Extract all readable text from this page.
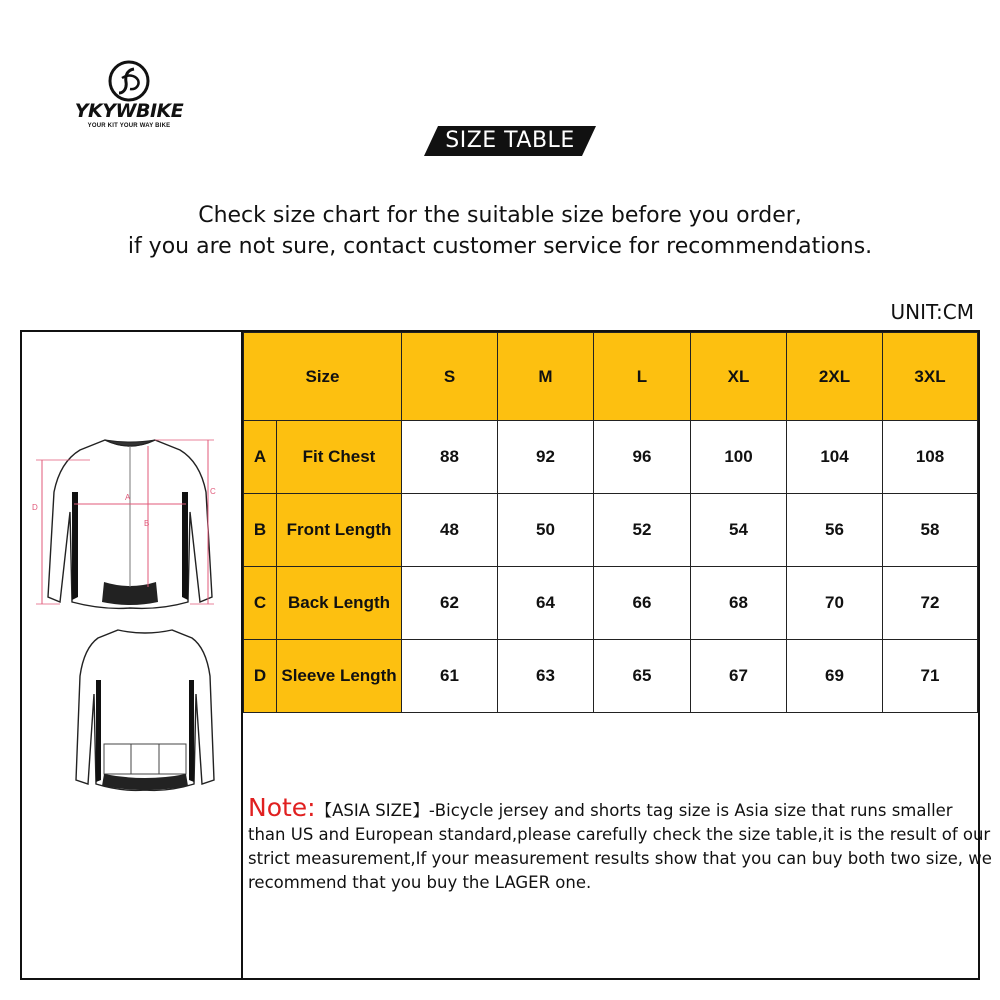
YKYWBIKE
YOUR KIT YOUR WAY BIKE
SIZE TABLE
Check size chart for the suitable size before you order,
if you are not sure, contact customer service for recommendations.
UNIT:CM
D
A
B
C
Size		S	M	L	XL	2XL	3XL
A	Fit Chest	88	92	96	100	104	108
B	Front Length	48	50	52	54	56	58
C	Back Length	62	64	66	68	70	72
D	Sleeve Length	61	63	65	67	69	71
Note:【ASIA SIZE】-Bicycle jersey and shorts tag size is Asia size that runs smaller
than US and European standard,please carefully check the size table,it is the result of our
strict measurement,If your measurement results show that you can buy both two size, we
recommend that you buy the LAGER one.
